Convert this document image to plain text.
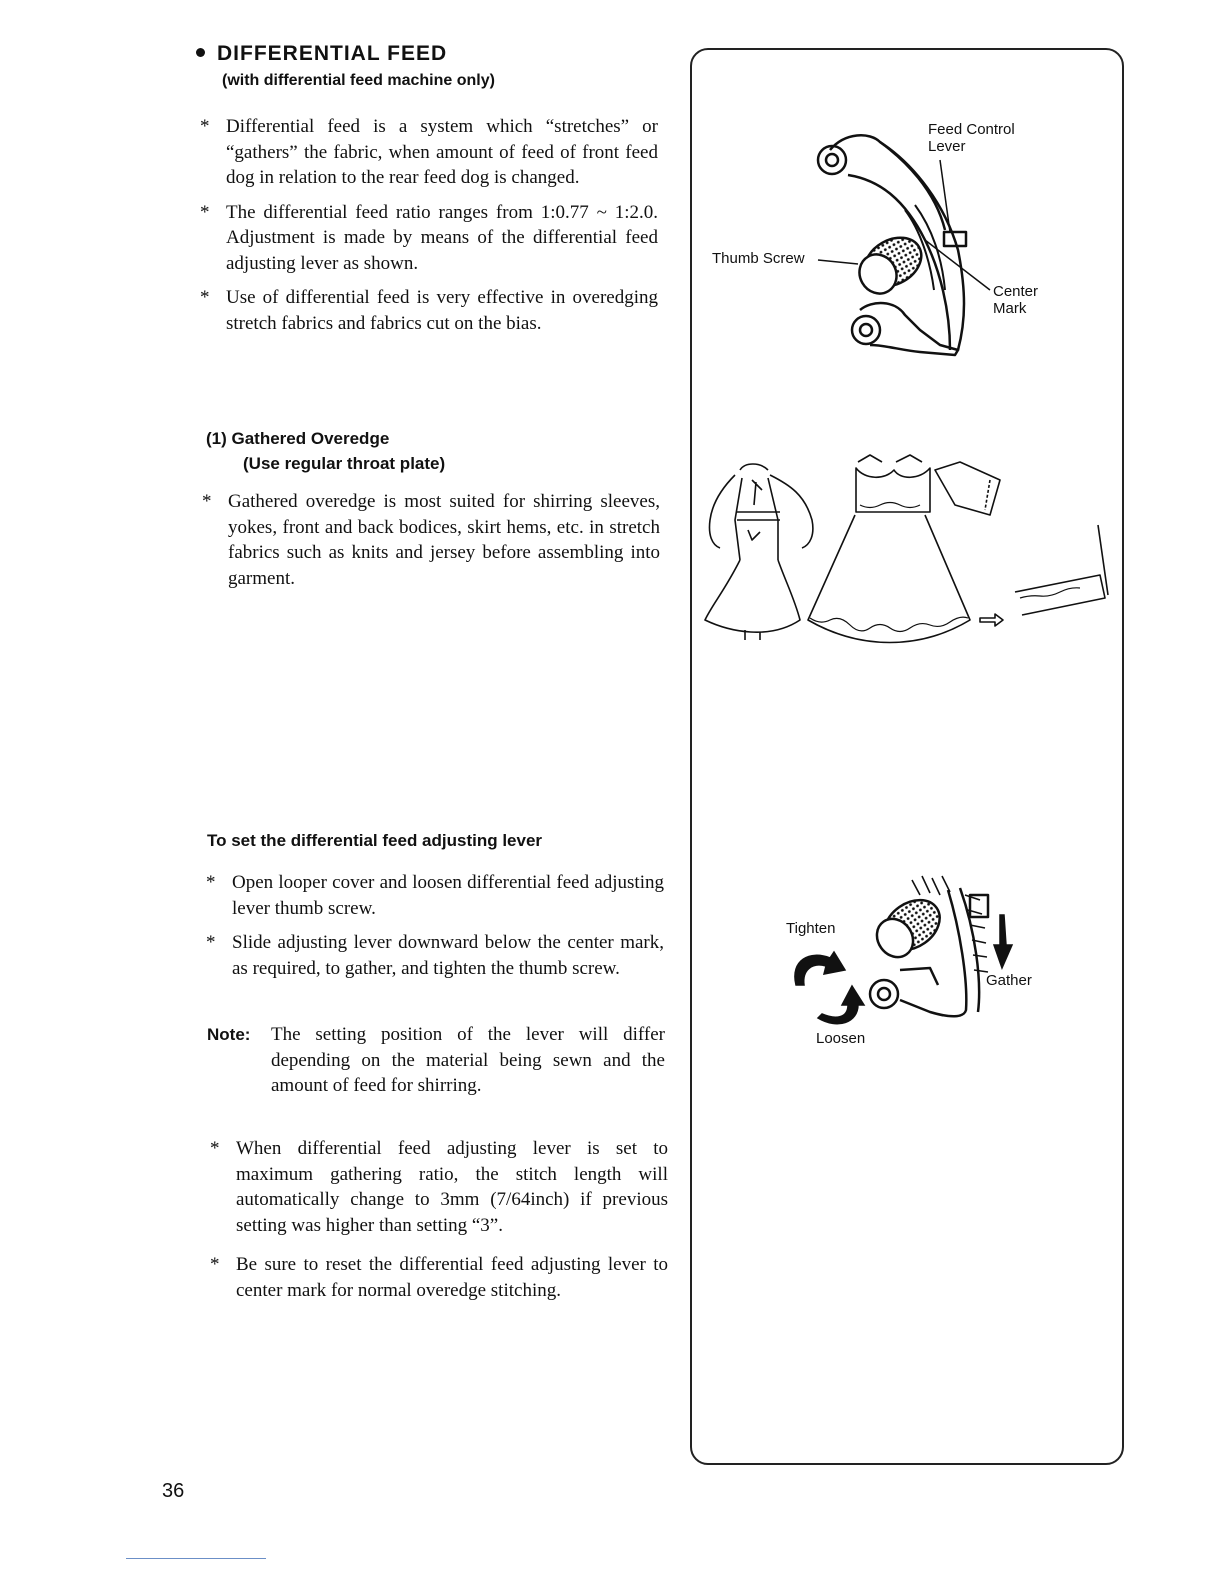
DIFFERENTIAL FEED
(with differential feed machine only)
* Differential feed is a system which “stretches” or “gathers” the fabric, when amount of feed of front feed dog in relation to the rear feed dog is changed.
* The differential feed ratio ranges from 1:0.77 ~ 1:2.0. Adjustment is made by means of the differential feed adjusting lever as shown.
* Use of differential feed is very effective in overedging stretch fabrics and fabrics cut on the bias.
(1) Gathered Overedge
(Use regular throat plate)
* Gathered overedge is most suited for shirring sleeves, yokes, front and back bodices, skirt hems, etc. in stretch fabrics such as knits and jersey before assembling into garment.
To set the differential feed adjusting lever
* Open looper cover and loosen differential feed adjusting lever thumb screw.
* Slide adjusting lever downward below the center mark, as required, to gather, and tighten the thumb screw.
Note: The setting position of the lever will differ depending on the material being sewn and the amount of feed for shirring.
* When differential feed adjusting lever is set to maximum gathering ratio, the stitch length will automatically change to 3mm (7/64inch) if previous setting was higher than setting “3”.
* Be sure to reset the differential feed adjusting lever to center mark for normal overedge stitching.
Feed Control
Lever
Thumb Screw
Center
Mark
Tighten
Loosen
Gather
36
